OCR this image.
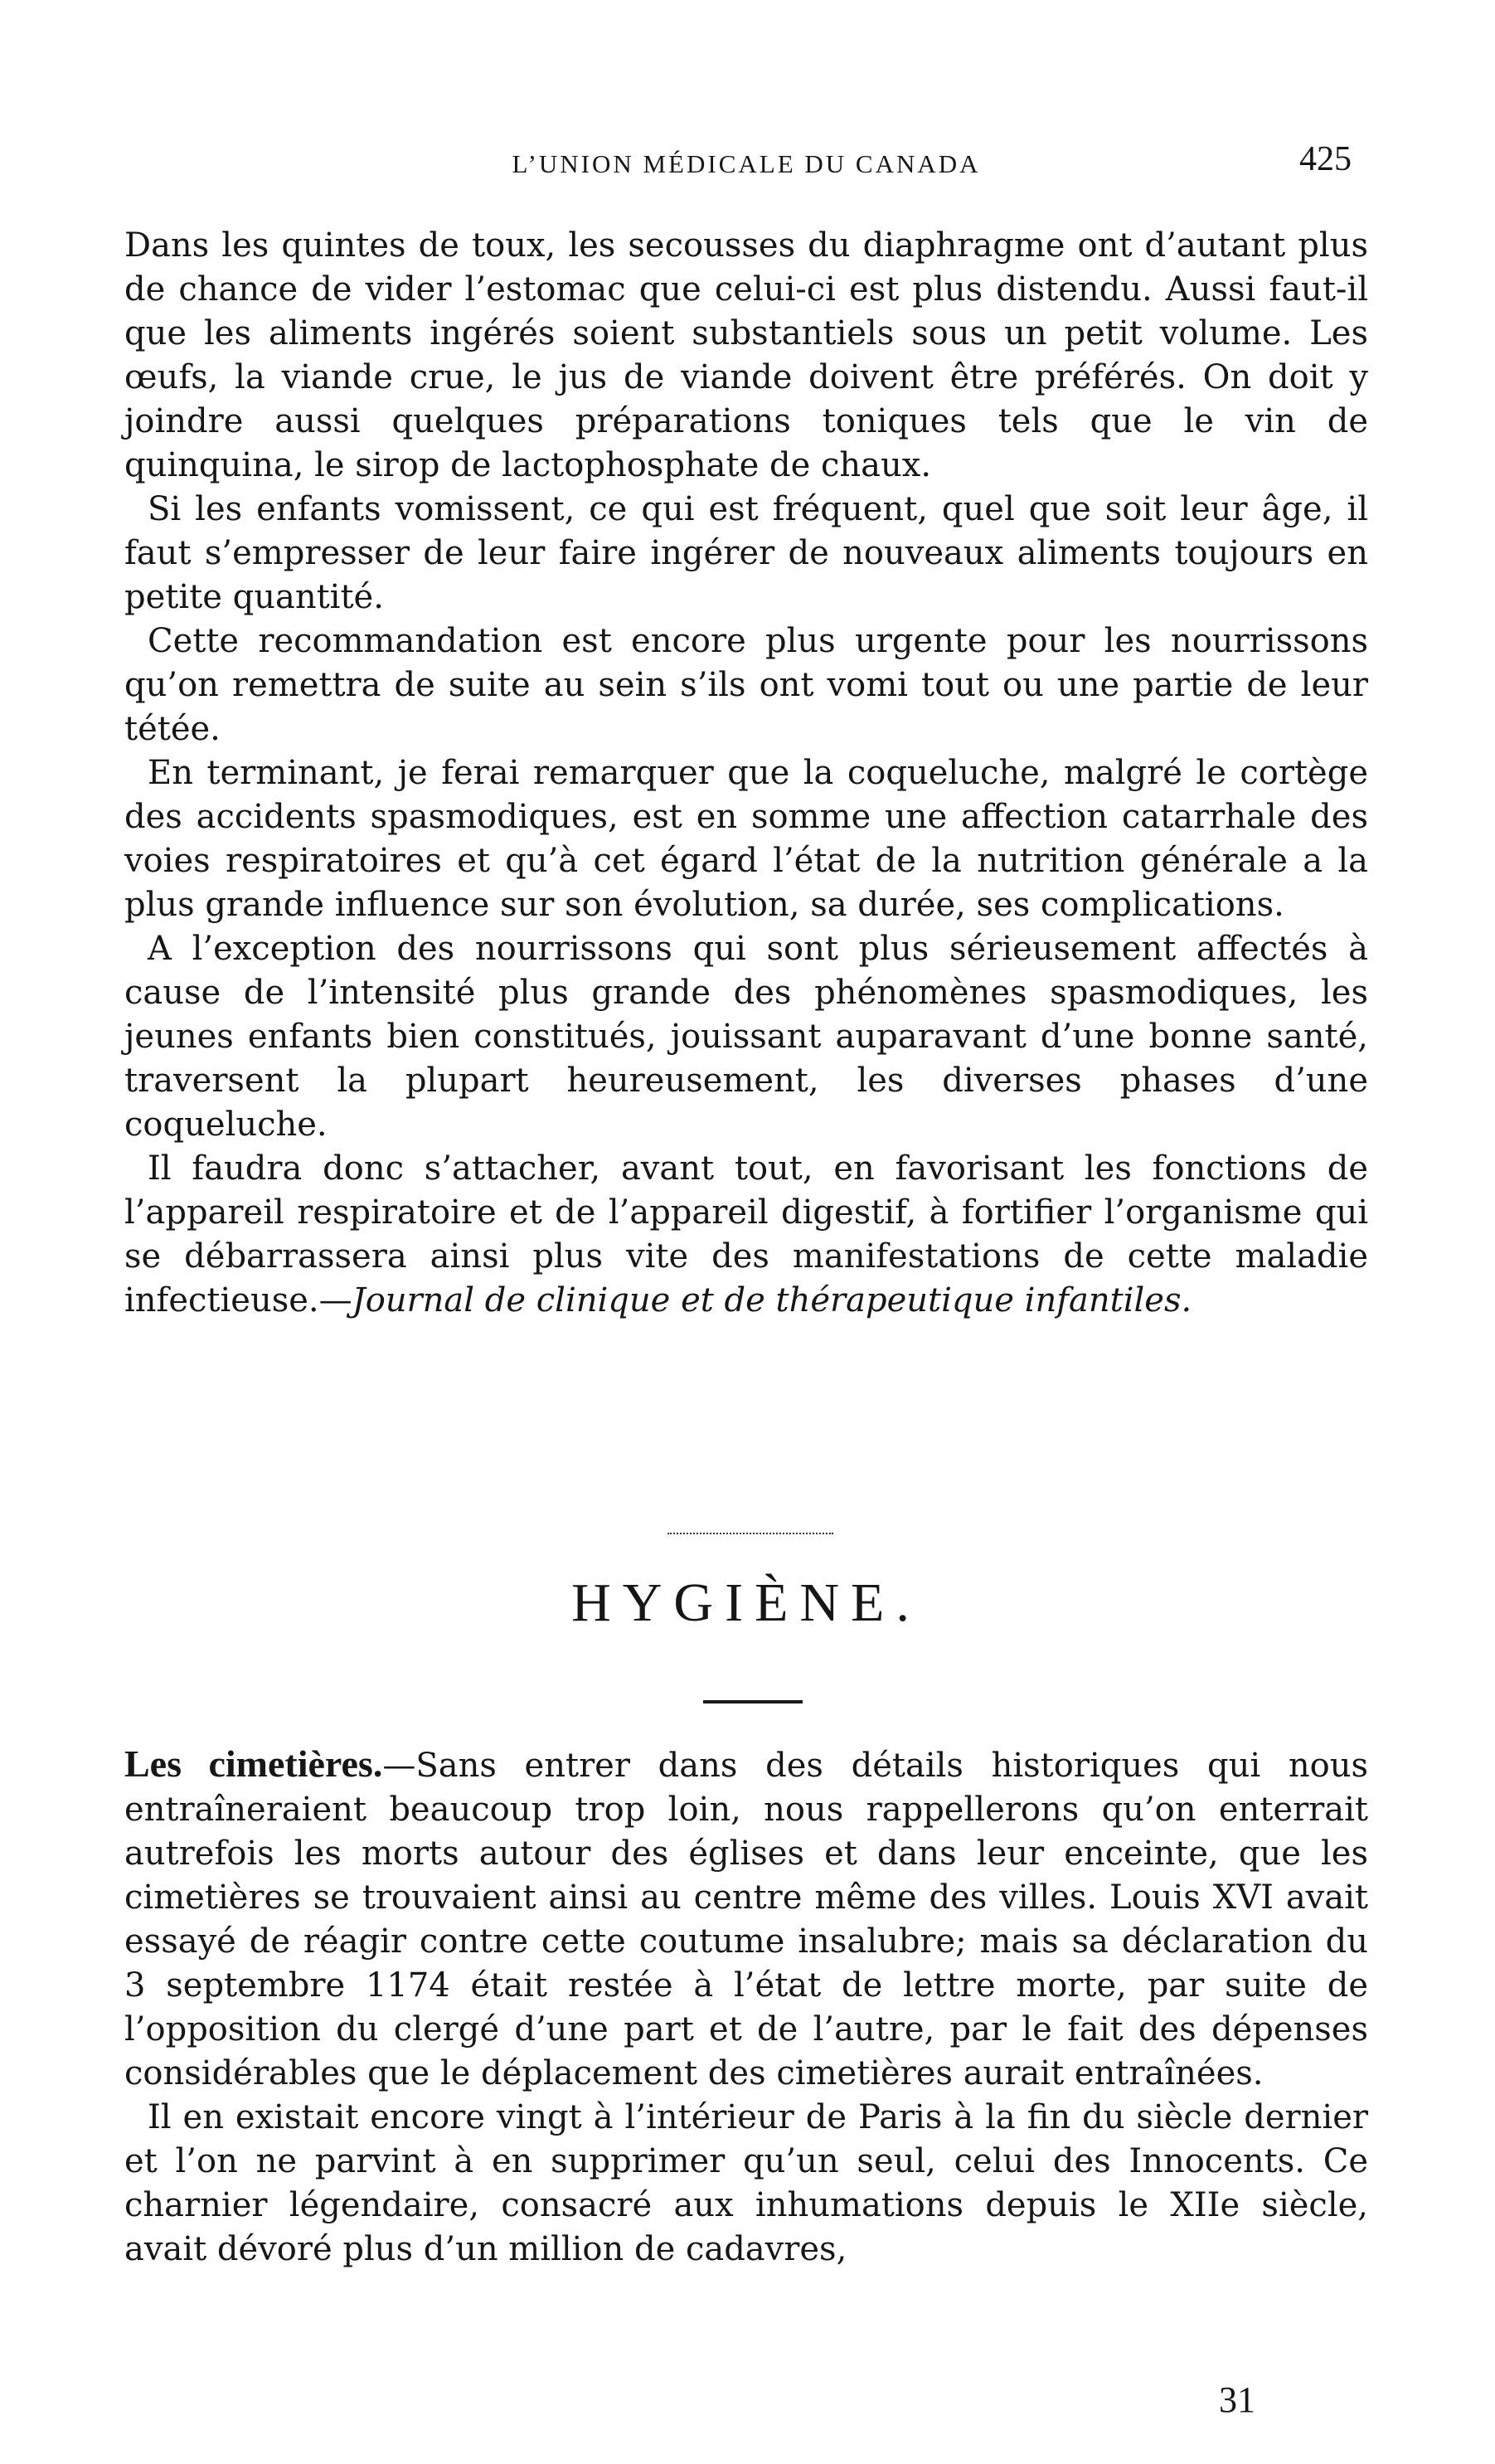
L’UNION MÉDICALE DU CANADA	425

Dans les quintes de toux, les secousses du diaphragme ont d’autant plus de chance de vider l’estomac que celui-ci est plus distendu. Aussi faut-il que les aliments ingérés soient substantiels sous un petit volume. Les œufs, la viande crue, le jus de viande doivent être préférés. On doit y joindre aussi quelques préparations toniques tels que le vin de quinquina, le sirop de lactophosphate de chaux.

Si les enfants vomissent, ce qui est fréquent, quel que soit leur âge, il faut s’empresser de leur faire ingérer de nouveaux aliments toujours en petite quantité.

Cette recommandation est encore plus urgente pour les nourrissons qu’on remettra de suite au sein s’ils ont vomi tout ou une partie de leur tétée.

En terminant, je ferai remarquer que la coqueluche, malgré le cortège des accidents spasmodiques, est en somme une affection catarrhale des voies respiratoires et qu’à cet égard l’état de la nutrition générale a la plus grande influence sur son évolution, sa durée, ses complications.

A l’exception des nourrissons qui sont plus sérieusement affectés à cause de l’intensité plus grande des phénomènes spasmodiques, les jeunes enfants bien constitués, jouissant auparavant d’une bonne santé, traversent la plupart heureusement, les diverses phases d’une coqueluche.

Il faudra donc s’attacher, avant tout, en favorisant les fonctions de l’appareil respiratoire et de l’appareil digestif, à fortifier l’organisme qui se débarrassera ainsi plus vite des manifestations de cette maladie infectieuse.—Journal de clinique et de thérapeutique infantiles.

HYGIÈNE.

Les cimetières.—Sans entrer dans des détails historiques qui nous entraîneraient beaucoup trop loin, nous rappellerons qu’on enterrait autrefois les morts autour des églises et dans leur enceinte, que les cimetières se trouvaient ainsi au centre même des villes. Louis XVI avait essayé de réagir contre cette coutume insalubre; mais sa déclaration du 3 septembre 1174 était restée à l’état de lettre morte, par suite de l’opposition du clergé d’une part et de l’autre, par le fait des dépenses considérables que le déplacement des cimetières aurait entraînées.

Il en existait encore vingt à l’intérieur de Paris à la fin du siècle dernier et l’on ne parvint à en supprimer qu’un seul, celui des Innocents. Ce charnier légendaire, consacré aux inhumations depuis le XIIe siècle, avait dévoré plus d’un million de cadavres,

31
